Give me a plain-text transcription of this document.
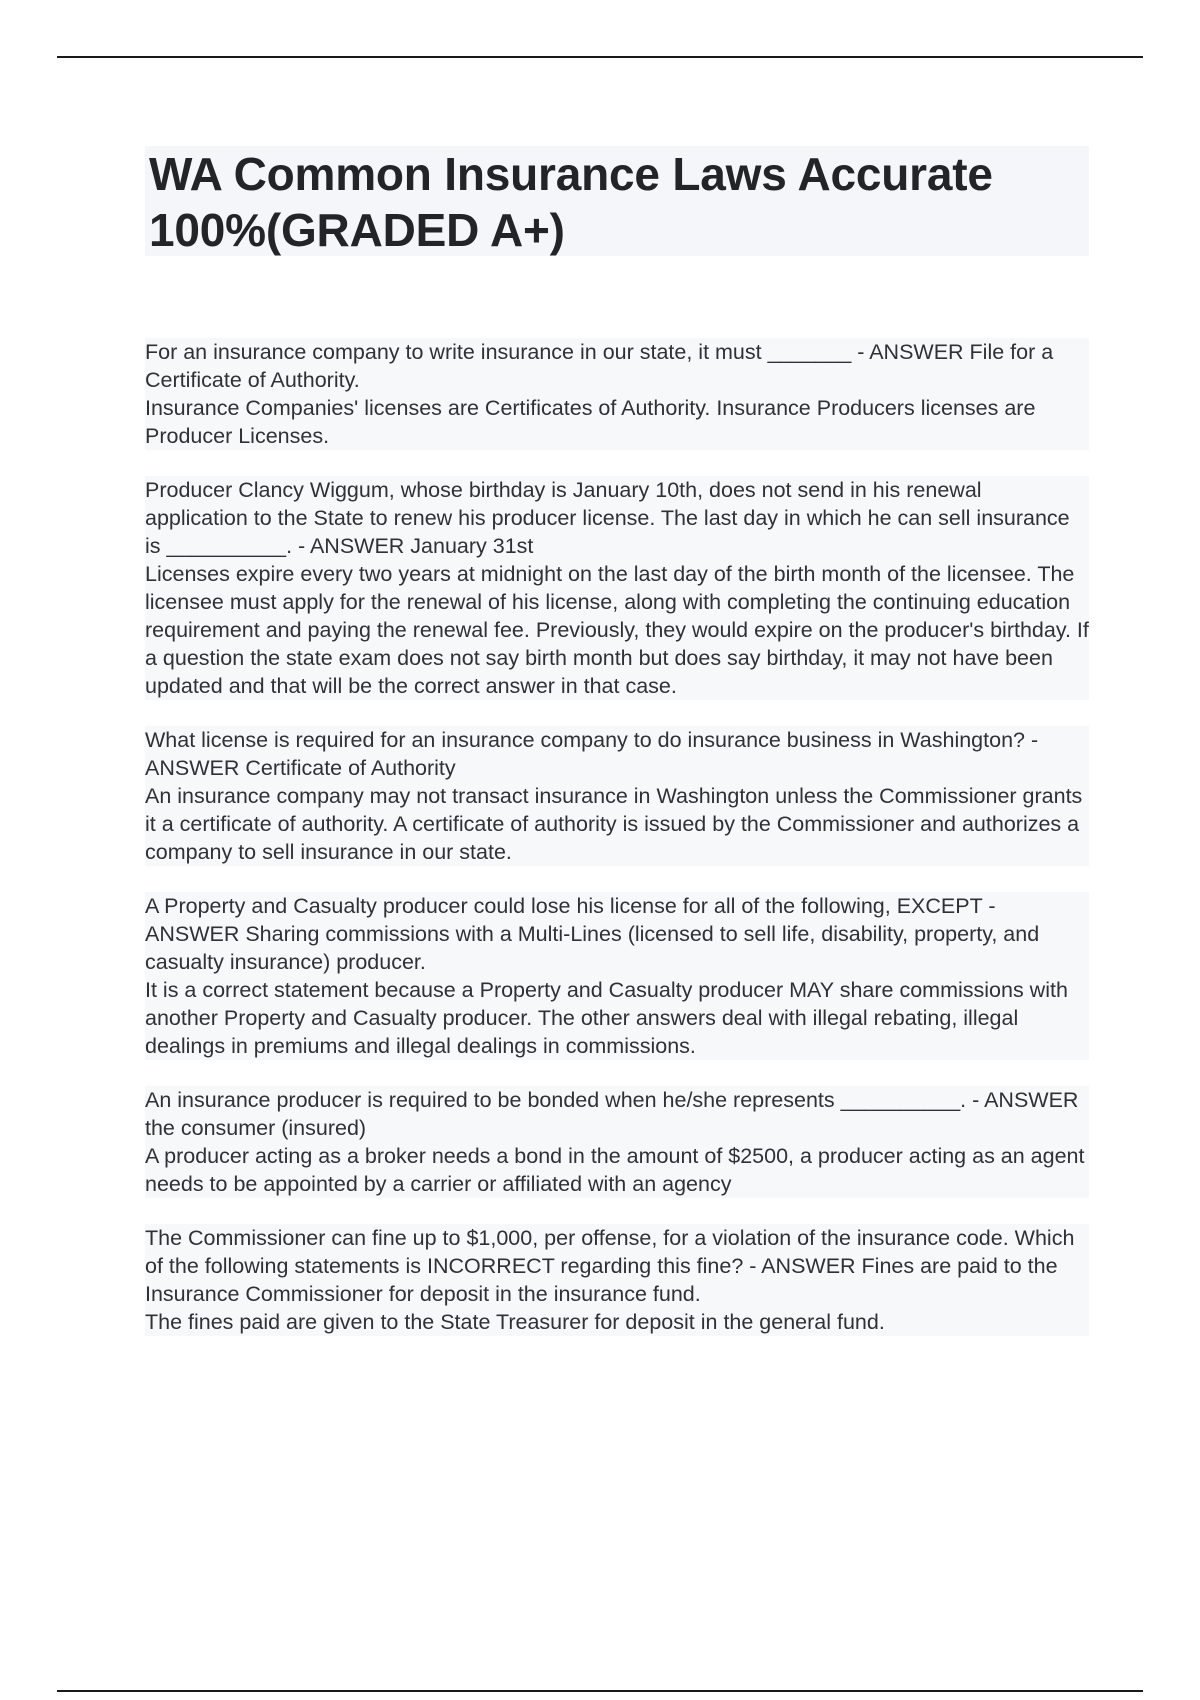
WA Common Insurance Laws Accurate 100%(GRADED A+)

For an insurance company to write insurance in our state, it must _______ - ANSWER File for a Certificate of Authority.

Insurance Companies' licenses are Certificates of Authority. Insurance Producers licenses are Producer Licenses.

Producer Clancy Wiggum, whose birthday is January 10th, does not send in his renewal application to the State to renew his producer license. The last day in which he can sell insurance is __________. - ANSWER January 31st

Licenses expire every two years at midnight on the last day of the birth month of the licensee. The licensee must apply for the renewal of his license, along with completing the continuing education requirement and paying the renewal fee. Previously, they would expire on the producer's birthday. If a question the state exam does not say birth month but does say birthday, it may not have been updated and that will be the correct answer in that case.

What license is required for an insurance company to do insurance business in Washington? - ANSWER Certificate of Authority

An insurance company may not transact insurance in Washington unless the Commissioner grants it a certificate of authority. A certificate of authority is issued by the Commissioner and authorizes a company to sell insurance in our state.

A Property and Casualty producer could lose his license for all of the following, EXCEPT - ANSWER Sharing commissions with a Multi-Lines (licensed to sell life, disability, property, and casualty insurance) producer.

It is a correct statement because a Property and Casualty producer MAY share commissions with another Property and Casualty producer. The other answers deal with illegal rebating, illegal dealings in premiums and illegal dealings in commissions.

An insurance producer is required to be bonded when he/she represents __________. - ANSWER the consumer (insured)

A producer acting as a broker needs a bond in the amount of $2500, a producer acting as an agent needs to be appointed by a carrier or affiliated with an agency

The Commissioner can fine up to $1,000, per offense, for a violation of the insurance code. Which of the following statements is INCORRECT regarding this fine? - ANSWER Fines are paid to the Insurance Commissioner for deposit in the insurance fund.

The fines paid are given to the State Treasurer for deposit in the general fund.
